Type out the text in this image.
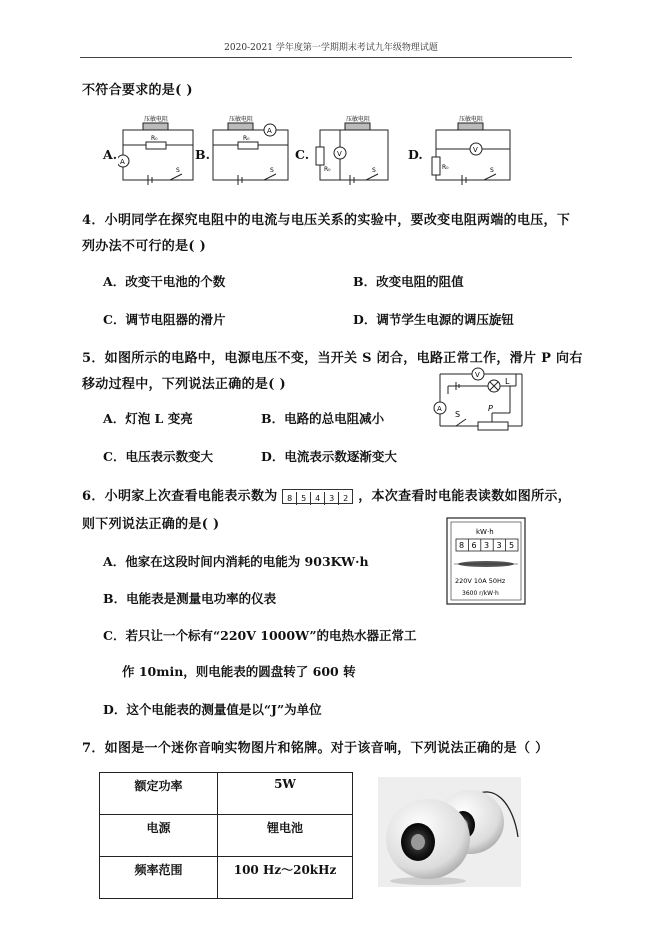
2020-2021 学年度第一学期期末考试九年级物理试题
不符合要求的是( )
A.
压敏电阻
R₀
A
S
B.
压敏电阻
R₀
A
S
C.
压敏电阻
R₀
V
S
D.
压敏电阻
R₀
V
S
4．小明同学在探究电阻中的电流与电压关系的实验中，要改变电阻两端的电压，下
列办法不可行的是( )
A．改变干电池的个数	B．改变电阻的阻值
C．调节电阻器的滑片	D．调节学生电源的调压旋钮
5．如图所示的电路中，电源电压不变，当开关 S 闭合，电路正常工作，滑片 P 向右
移动过程中，下列说法正确的是( )
A．灯泡 L 变亮	B．电路的总电阻减小
C．电压表示数变大	D．电流表示数逐渐变大
V
L
A
S
P
6．小明家上次查看电能表示数为 8 5 4 3 2 ，本次查看时电能表读数如图所示，
则下列说法正确的是( )
A．他家在这段时间内消耗的电能为 903KW·h
B．电能表是测量电功率的仪表
C．若只让一个标有“220V 1000W”的电热水器正常工
作 10min，则电能表的圆盘转了 600 转
D．这个电能表的测量值是以“J”为单位
kW·h
8 6 3 3 5
220V 10A 50Hz
3600 r/kW·h
7．如图是一个迷你音响实物图片和铭牌。对于该音响，下列说法正确的是（ ）
额定功率	5W
电源	锂电池
频率范围	100 Hz～20kHz
